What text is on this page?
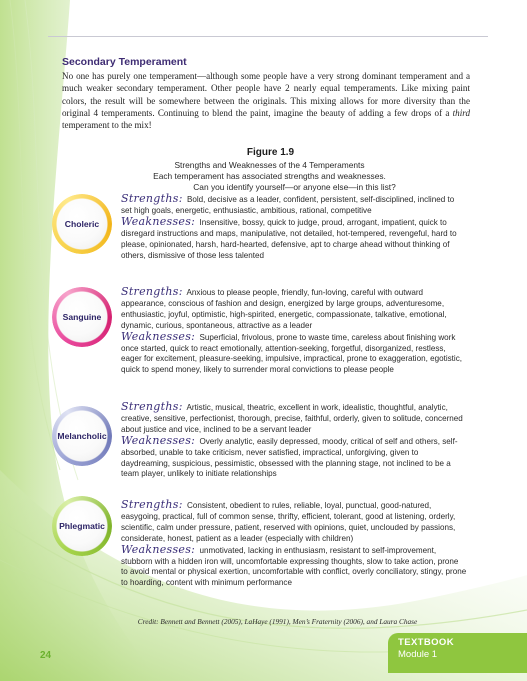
Secondary Temperament
No one has purely one temperament—although some people have a very strong dominant temperament and a much weaker secondary temperament. Other people have 2 nearly equal temperaments. Like mixing paint colors, the result will be somewhere between the originals. This mixing allows for more diversity than the original 4 temperaments. Continuing to blend the paint, imagine the beauty of adding a few drops of a third temperament to the mix!
Figure 1.9
Strengths and Weaknesses of the 4 Temperaments
Each temperament has associated strengths and weaknesses.
Can you identify yourself—or anyone else—in this list?
Choleric
Strengths: Bold, decisive as a leader, confident, persistent, self-disciplined, inclined to set high goals, energetic, enthusiastic, ambitious, rational, competitive
Weaknesses: Insensitive, bossy, quick to judge, proud, arrogant, impatient, quick to disregard instructions and maps, manipulative, not detailed, hot-tempered, revengeful, hard to please, opinionated, harsh, hard-hearted, defensive, apt to charge ahead without thinking of others, dismissive of those less talented
Sanguine
Strengths: Anxious to please people, friendly, fun-loving, careful with outward appearance, conscious of fashion and design, energized by large groups, adventuresome, enthusiastic, joyful, optimistic, high-spirited, energetic, compassionate, talkative, emotional, dynamic, curious, spontaneous, attractive as a leader
Weaknesses: Superficial, frivolous, prone to waste time, careless about finishing work once started, quick to react emotionally, attention-seeking, forgetful, disorganized, restless, eager for excitement, pleasure-seeking, impulsive, impractical, prone to exaggeration, egotistic, quick to spend money, likely to surrender moral convictions to please people
Melancholic
Strengths: Artistic, musical, theatric, excellent in work, idealistic, thoughtful, analytic, creative, sensitive, perfectionist, thorough, precise, faithful, orderly, given to solitude, concerned about justice and vice, inclined to be a servant leader
Weaknesses: Overly analytic, easily depressed, moody, critical of self and others, self-absorbed, unable to take criticism, never satisfied, impractical, unforgiving, given to daydreaming, suspicious, pessimistic, obsessed with the planning stage, not inclined to be a team player, unlikely to initiate relationships
Phlegmatic
Strengths: Consistent, obedient to rules, reliable, loyal, punctual, good-natured, easygoing, practical, full of common sense, thrifty, efficient, tolerant, good at listening, orderly, scientific, calm under pressure, patient, reserved with opinions, quiet, unclouded by passions, considerate, honest, patient as a leader (especially with children)
Weaknesses: unmotivated, lacking in enthusiasm, resistant to self-improvement, stubborn with a hidden iron will, uncomfortable expressing thoughts, slow to take action, prone to avoid mental or physical exertion, uncomfortable with conflict, overly conciliatory, stingy, prone to hoarding, content with minimum performance
Credit: Bennett and Bennett (2005), LaHaye (1991), Men’s Fraternity (2006), and Laura Chase
24
TEXTBOOK
Module 1
